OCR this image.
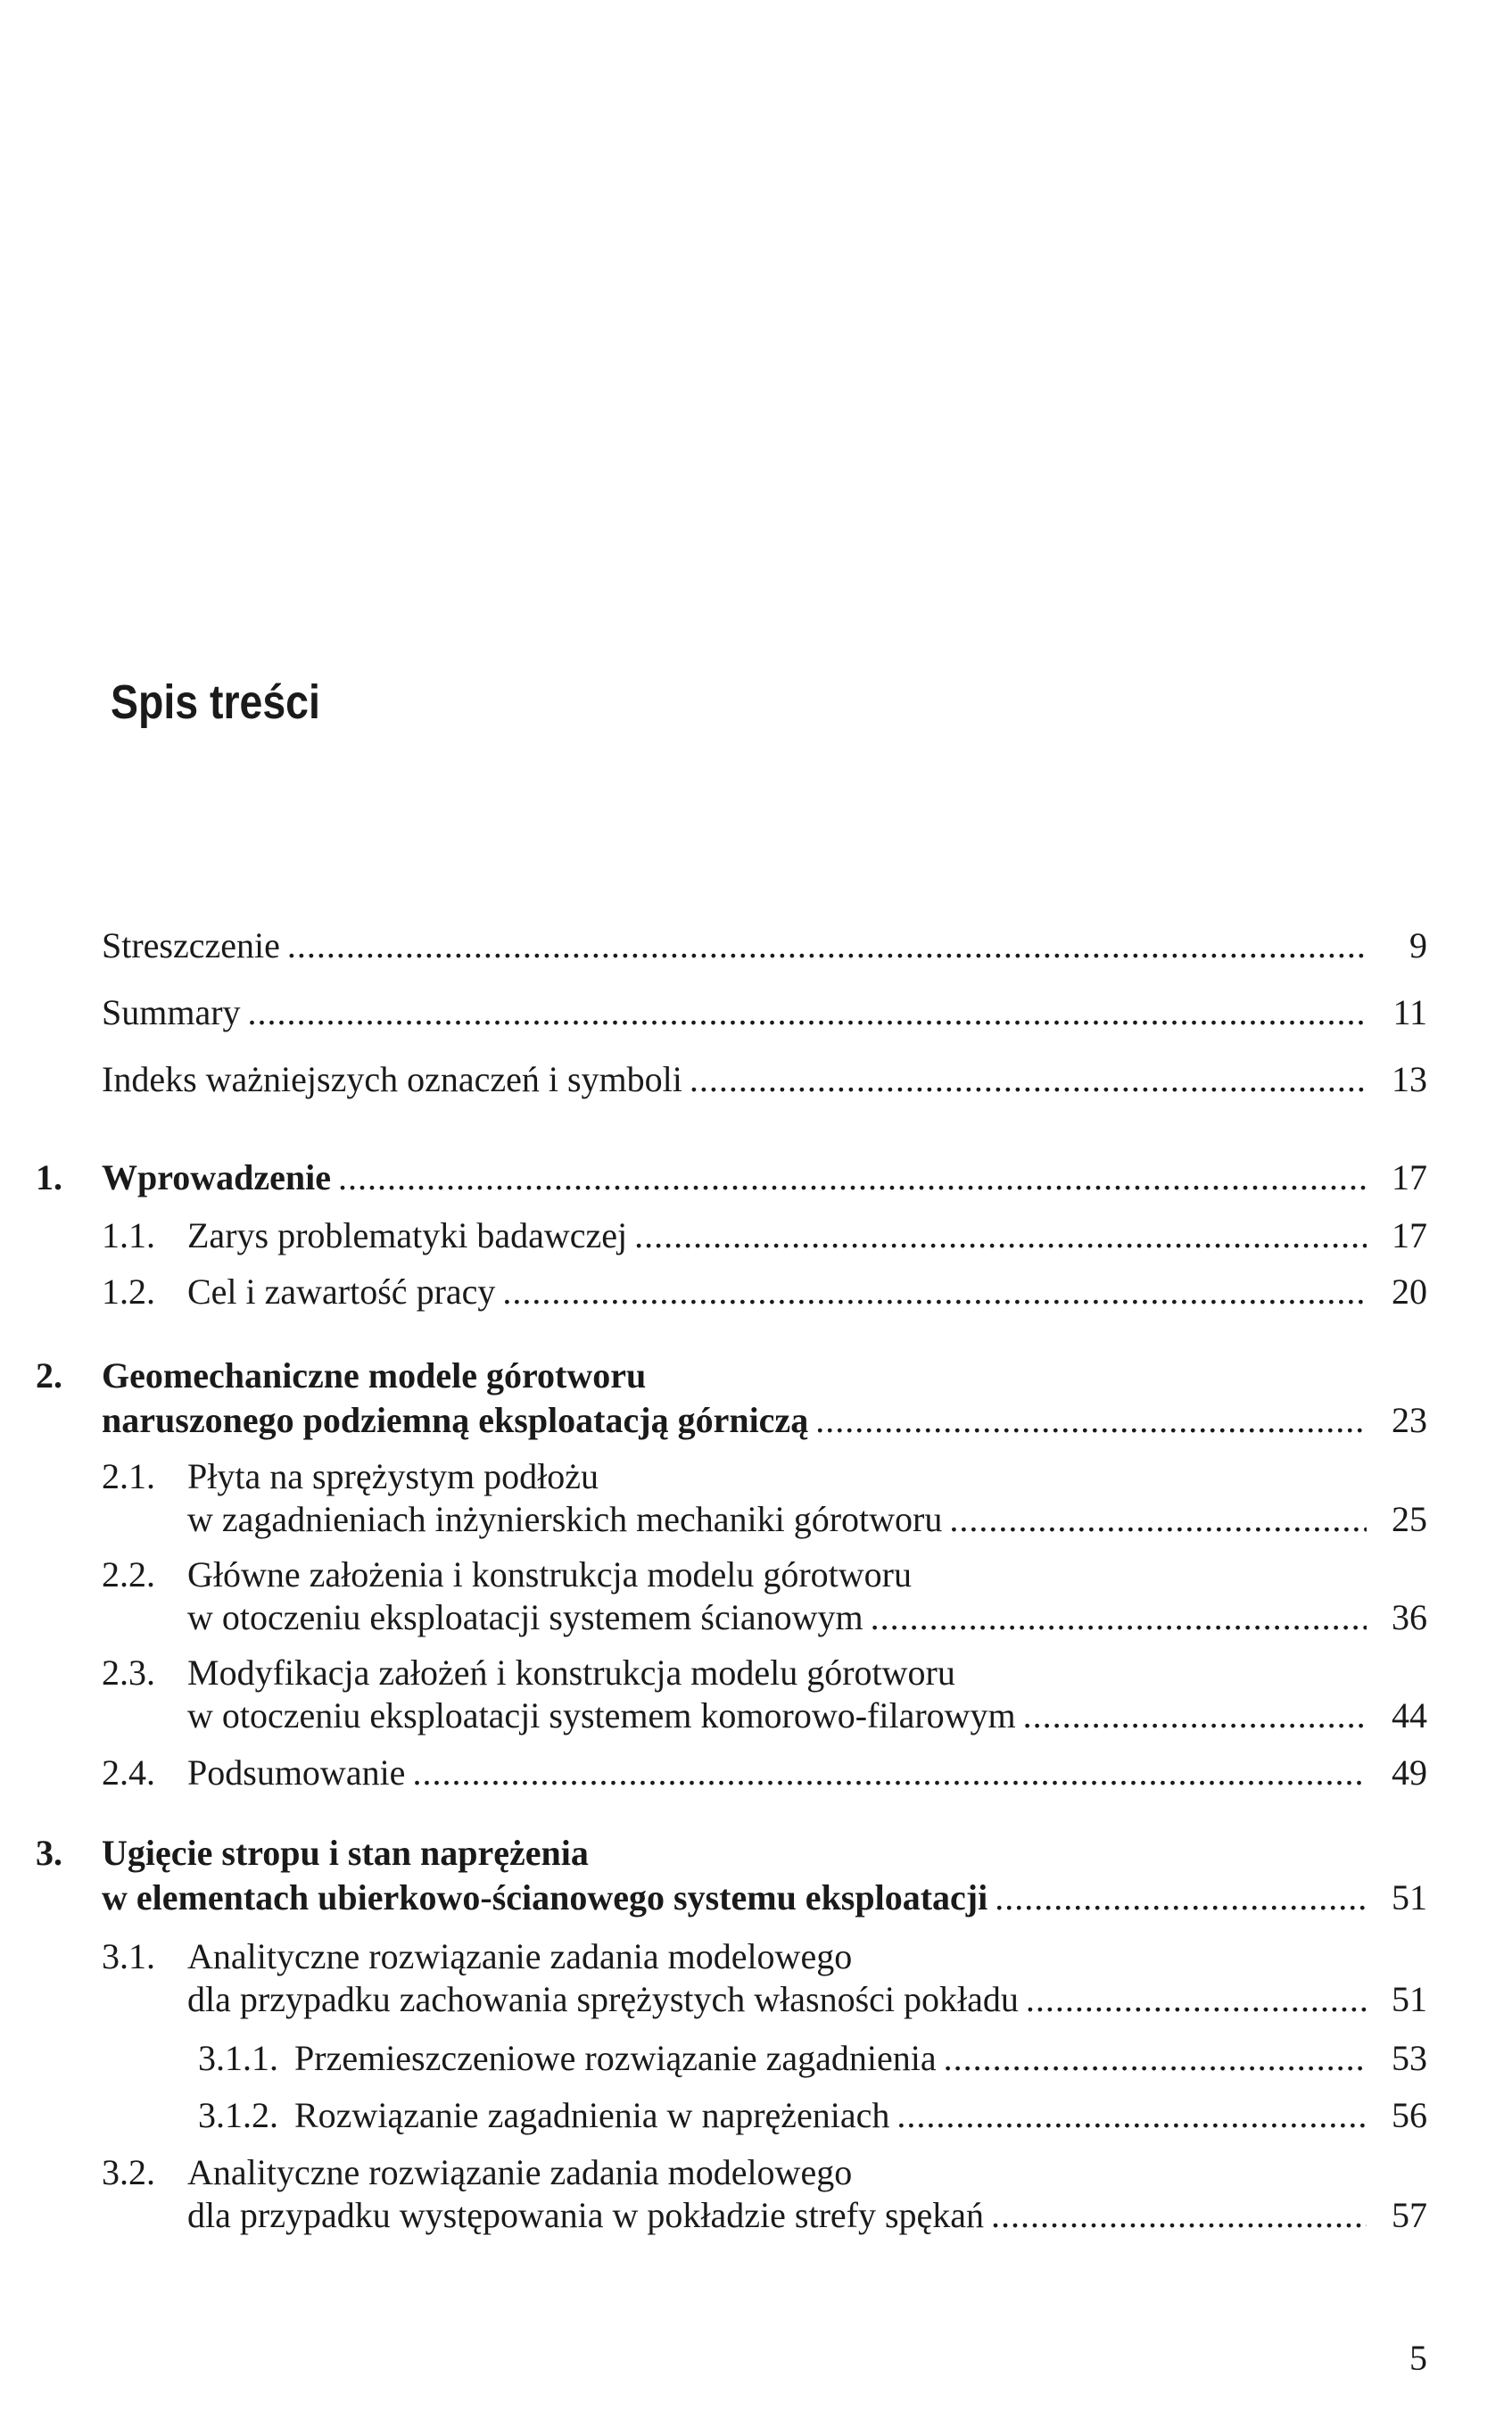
Spis treści
Streszczenie .....	9
Summary .....	11
Indeks ważniejszych oznaczeń i symboli .....	13
1. Wprowadzenie .....	17
1.1. Zarys problematyki badawczej .....	17
1.2. Cel i zawartość pracy .....	20
2. Geomechaniczne modele górotworu
naruszonego podziemną eksploatacją górniczą .....	23
2.1. Płyta na sprężystym podłożu
w zagadnieniach inżynierskich mechaniki górotworu .....	25
2.2. Główne założenia i konstrukcja modelu górotworu
w otoczeniu eksploatacji systemem ścianowym .....	36
2.3. Modyfikacja założeń i konstrukcja modelu górotworu
w otoczeniu eksploatacji systemem komorowo-filarowym .....	44
2.4. Podsumowanie .....	49
3. Ugięcie stropu i stan naprężenia
w elementach ubierkowo-ścianowego systemu eksploatacji .....	51
3.1. Analityczne rozwiązanie zadania modelowego
dla przypadku zachowania sprężystych własności pokładu .....	51
3.1.1. Przemieszczeniowe rozwiązanie zagadnienia .....	53
3.1.2. Rozwiązanie zagadnienia w naprężeniach .....	56
3.2. Analityczne rozwiązanie zadania modelowego
dla przypadku występowania w pokładzie strefy spękań .....	57
5
